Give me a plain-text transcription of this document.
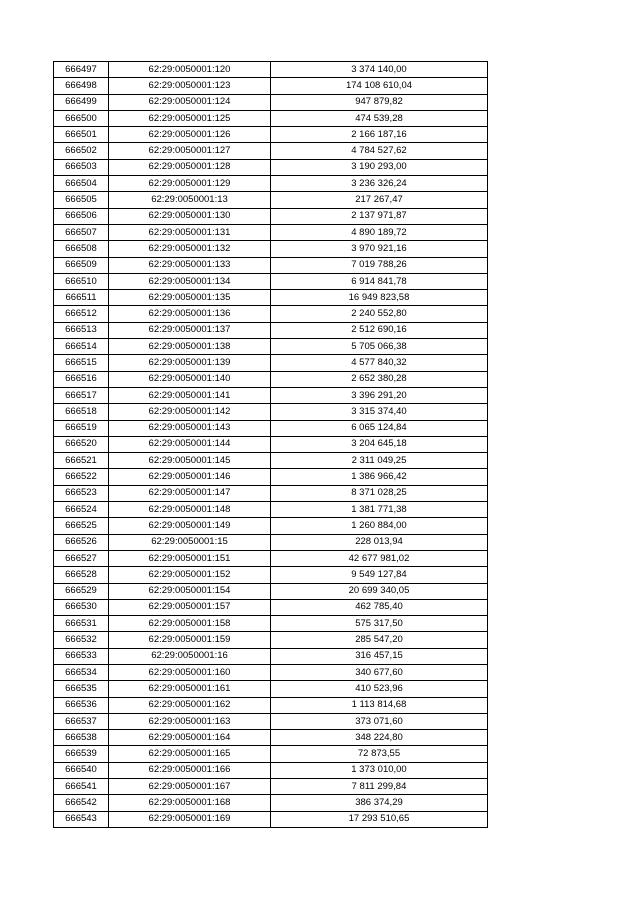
666497	62:29:0050001:120	3 374 140,00
666498	62:29:0050001:123	174 108 610,04
666499	62:29:0050001:124	947 879,82
666500	62:29:0050001:125	474 539,28
666501	62:29:0050001:126	2 166 187,16
666502	62:29:0050001:127	4 784 527,62
666503	62:29:0050001:128	3 190 293,00
666504	62:29:0050001:129	3 236 326,24
666505	62:29:0050001:13	217 267,47
666506	62:29:0050001:130	2 137 971,87
666507	62:29:0050001:131	4 890 189,72
666508	62:29:0050001:132	3 970 921,16
666509	62:29:0050001:133	7 019 788,26
666510	62:29:0050001:134	6 914 841,78
666511	62:29:0050001:135	16 949 823,58
666512	62:29:0050001:136	2 240 552,80
666513	62:29:0050001:137	2 512 690,16
666514	62:29:0050001:138	5 705 066,38
666515	62:29:0050001:139	4 577 840,32
666516	62:29:0050001:140	2 652 380,28
666517	62:29:0050001:141	3 396 291,20
666518	62:29:0050001:142	3 315 374,40
666519	62:29:0050001:143	6 065 124,84
666520	62:29:0050001:144	3 204 645,18
666521	62:29:0050001:145	2 311 049,25
666522	62:29:0050001:146	1 386 966,42
666523	62:29:0050001:147	8 371 028,25
666524	62:29:0050001:148	1 381 771,38
666525	62:29:0050001:149	1 260 884,00
666526	62:29:0050001:15	228 013,94
666527	62:29:0050001:151	42 677 981,02
666528	62:29:0050001:152	9 549 127,84
666529	62:29:0050001:154	20 699 340,05
666530	62:29:0050001:157	462 785,40
666531	62:29:0050001:158	575 317,50
666532	62:29:0050001:159	285 547,20
666533	62:29:0050001:16	316 457,15
666534	62:29:0050001:160	340 677,60
666535	62:29:0050001:161	410 523,96
666536	62:29:0050001:162	1 113 814,68
666537	62:29:0050001:163	373 071,60
666538	62:29:0050001:164	348 224,80
666539	62:29:0050001:165	72 873,55
666540	62:29:0050001:166	1 373 010,00
666541	62:29:0050001:167	7 811 299,84
666542	62:29:0050001:168	386 374,29
666543	62:29:0050001:169	17 293 510,65
